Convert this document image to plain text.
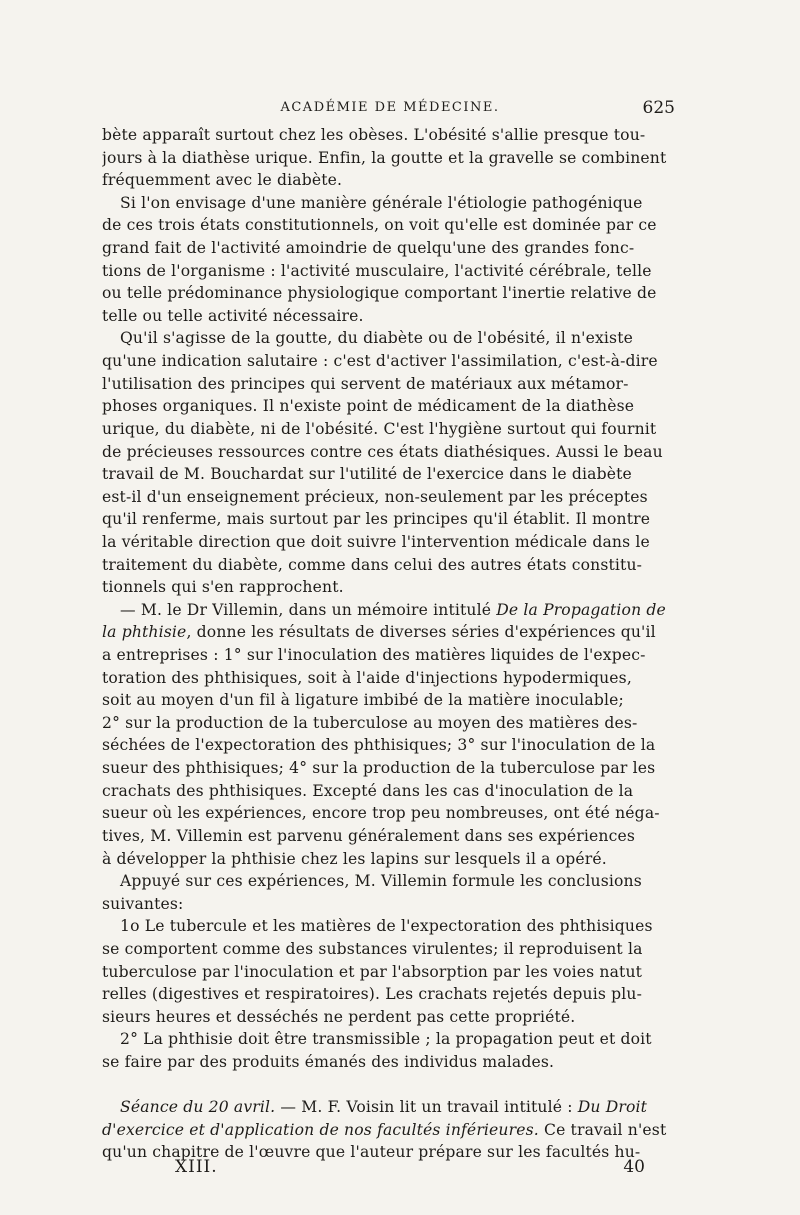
ACADÉMIE DE MÉDECINE.	625
bète apparaît surtout chez les obèses. L'obésité s'allie presque tou-
jours à la diathèse urique. Enfin, la goutte et la gravelle se combinent
fréquemment avec le diabète.
Si l'on envisage d'une manière générale l'étiologie pathogénique
de ces trois états constitutionnels, on voit qu'elle est dominée par ce
grand fait de l'activité amoindrie de quelqu'une des grandes fonc-
tions de l'organisme : l'activité musculaire, l'activité cérébrale, telle
ou telle prédominance physiologique comportant l'inertie relative de
telle ou telle activité nécessaire.
Qu'il s'agisse de la goutte, du diabète ou de l'obésité, il n'existe
qu'une indication salutaire : c'est d'activer l'assimilation, c'est-à-dire
l'utilisation des principes qui servent de matériaux aux métamor-
phoses organiques. Il n'existe point de médicament de la diathèse
urique, du diabète, ni de l'obésité. C'est l'hygiène surtout qui fournit
de précieuses ressources contre ces états diathésiques. Aussi le beau
travail de M. Bouchardat sur l'utilité de l'exercice dans le diabète
est-il d'un enseignement précieux, non-seulement par les préceptes
qu'il renferme, mais surtout par les principes qu'il établit. Il montre
la véritable direction que doit suivre l'intervention médicale dans le
traitement du diabète, comme dans celui des autres états constitu-
tionnels qui s'en rapprochent.
— M. le Dr Villemin, dans un mémoire intitulé De la Propagation de
la phthisie, donne les résultats de diverses séries d'expériences qu'il
a entreprises : 1° sur l'inoculation des matières liquides de l'expec-
toration des phthisiques, soit à l'aide d'injections hypodermiques,
soit au moyen d'un fil à ligature imbibé de la matière inoculable;
2° sur la production de la tuberculose au moyen des matières des-
séchées de l'expectoration des phthisiques; 3° sur l'inoculation de la
sueur des phthisiques; 4° sur la production de la tuberculose par les
crachats des phthisiques. Excepté dans les cas d'inoculation de la
sueur où les expériences, encore trop peu nombreuses, ont été néga-
tives, M. Villemin est parvenu généralement dans ses expériences
à développer la phthisie chez les lapins sur lesquels il a opéré.
Appuyé sur ces expériences, M. Villemin formule les conclusions
suivantes:
1o Le tubercule et les matières de l'expectoration des phthisiques
se comportent comme des substances virulentes; il reproduisent la
tuberculose par l'inoculation et par l'absorption par les voies natut
relles (digestives et respiratoires). Les crachats rejetés depuis plu-
sieurs heures et desséchés ne perdent pas cette propriété.
2° La phthisie doit être transmissible ; la propagation peut et doit
se faire par des produits émanés des individus malades.
Séance du 20 avril. — M. F. Voisin lit un travail intitulé : Du Droit
d'exercice et d'application de nos facultés inférieures. Ce travail n'est
qu'un chapitre de l'œuvre que l'auteur prépare sur les facultés hu-
XIII.	40
